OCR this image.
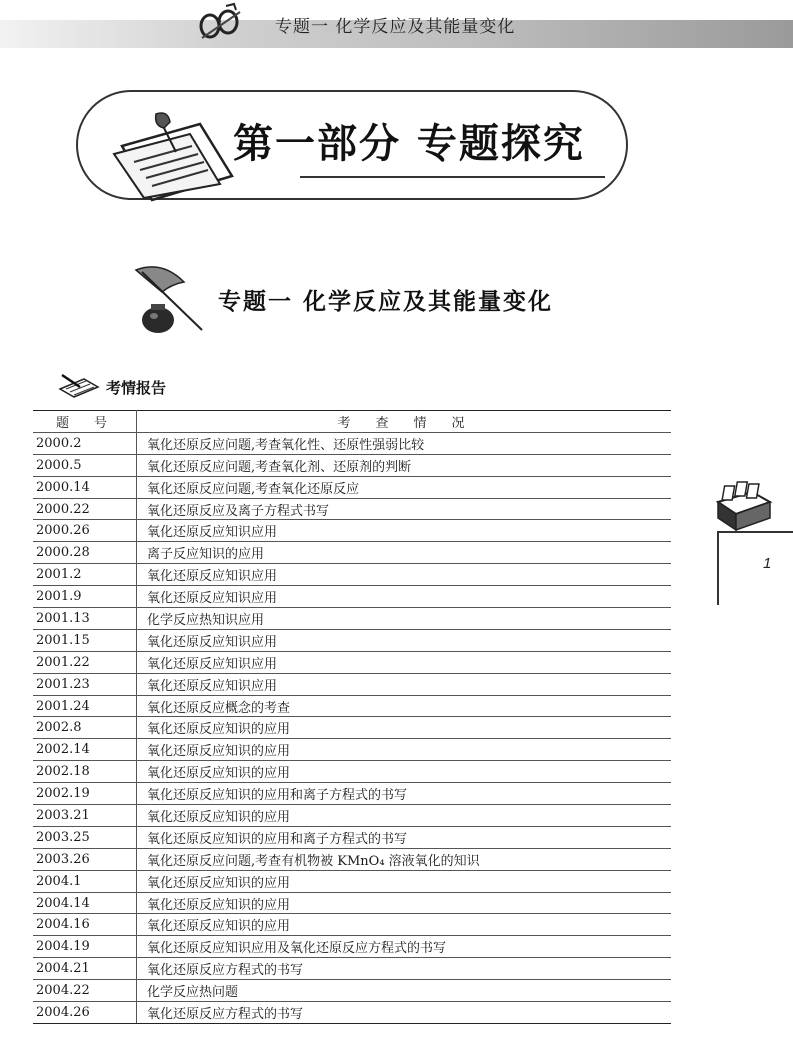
专题一 化学反应及其能量变化
第一部分 专题探究
专题一 化学反应及其能量变化
考情报告
题　号	考　查　情　况
2000.2	氧化还原反应问题,考查氧化性、还原性强弱比较
2000.5	氧化还原反应问题,考查氧化剂、还原剂的判断
2000.14	氧化还原反应问题,考查氧化还原反应
2000.22	氧化还原反应及离子方程式书写
2000.26	氧化还原反应知识应用
2000.28	离子反应知识的应用
2001.2	氧化还原反应知识应用
2001.9	氧化还原反应知识应用
2001.13	化学反应热知识应用
2001.15	氧化还原反应知识应用
2001.22	氧化还原反应知识应用
2001.23	氧化还原反应知识应用
2001.24	氧化还原反应概念的考查
2002.8	氧化还原反应知识的应用
2002.14	氧化还原反应知识的应用
2002.18	氧化还原反应知识的应用
2002.19	氧化还原反应知识的应用和离子方程式的书写
2003.21	氧化还原反应知识的应用
2003.25	氧化还原反应知识的应用和离子方程式的书写
2003.26	氧化还原反应问题,考查有机物被 KMnO₄ 溶液氧化的知识
2004.1	氧化还原反应知识的应用
2004.14	氧化还原反应知识的应用
2004.16	氧化还原反应知识的应用
2004.19	氧化还原反应知识应用及氧化还原反应方程式的书写
2004.21	氧化还原反应方程式的书写
2004.22	化学反应热问题
2004.26	氧化还原反应方程式的书写
1
